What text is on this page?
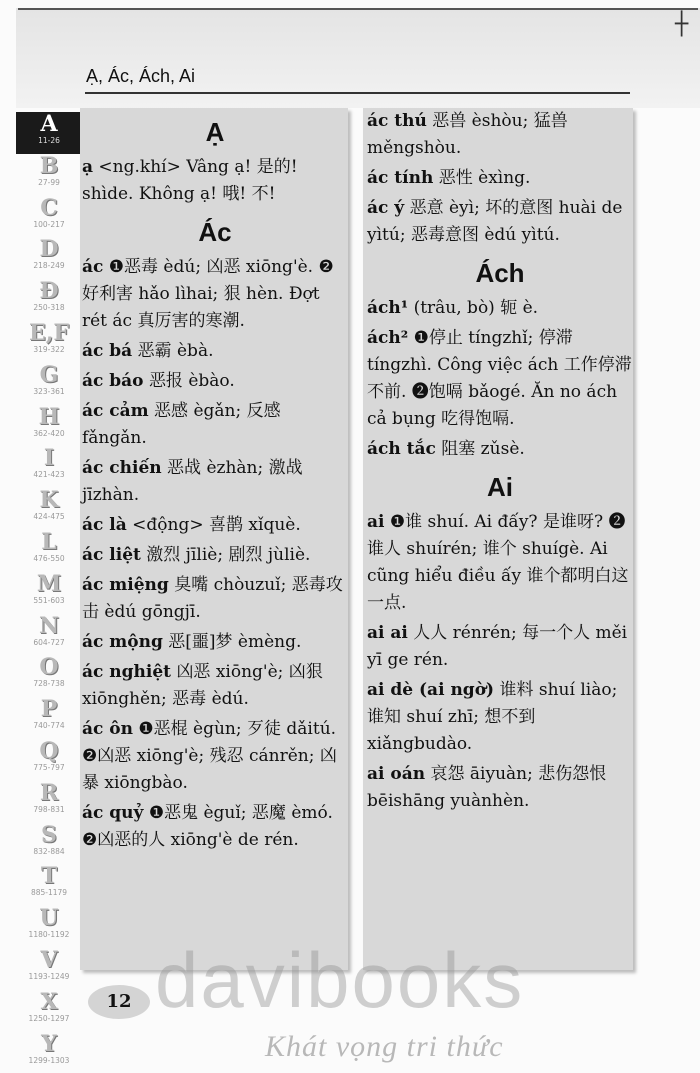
┼
Ạ, Ác, Ách, Ai
A
11-26
B
27-99
C
100-217
D
218-249
Đ
250-318
E,F
319-322
G
323-361
H
362-420
I
421-423
K
424-475
L
476-550
M
551-603
N
604-727
O
728-738
P
740-774
Q
775-797
R
798-831
S
832-884
T
885-1179
U
1180-1192
V
1193-1249
X
1250-1297
Y
1299-1303
Ạ
ạ <ng.khí> Vâng ạ! 是的! shìde. Không ạ! 哦! 不!
Ác
ác ❶恶毒 èdú; 凶恶 xiōng'è. ❷好利害 hǎo lìhai; 狠 hèn. Đợt rét ác 真厉害的寒潮.
ác bá 恶霸 èbà.
ác báo 恶报 èbào.
ác cảm 恶感 ègǎn; 反感 fǎngǎn.
ác chiến 恶战 èzhàn; 激战 jīzhàn.
ác là <động> 喜鹊 xǐquè.
ác liệt 激烈 jīliè; 剧烈 jùliè.
ác miệng 臭嘴 chòuzuǐ; 恶毒攻击 èdú gōngjī.
ác mộng 恶[噩]梦 èmèng.
ác nghiệt 凶恶 xiōng'è; 凶狠 xiōnghěn; 恶毒 èdú.
ác ôn ❶恶棍 ègùn; 歹徒 dǎitú. ❷凶恶 xiōng'è; 残忍 cánrěn; 凶暴 xiōngbào.
ác quỷ ❶恶鬼 èguǐ; 恶魔 èmó. ❷凶恶的人 xiōng'è de rén.
ác thú 恶兽 èshòu; 猛兽 měngshòu.
ác tính 恶性 èxìng.
ác ý 恶意 èyì; 坏的意图 huài de yìtú; 恶毒意图 èdú yìtú.
Ách
ách¹ (trâu, bò) 轭 è.
ách² ❶停止 tíngzhǐ; 停滞 tíngzhì. Công việc ách 工作停滞不前. ❷饱嗝 bǎogé. Ăn no ách cả bụng 吃得饱嗝.
ách tắc 阻塞 zǔsè.
Ai
ai ❶谁 shuí. Ai đấy? 是谁呀? ❷谁人 shuírén; 谁个 shuígè. Ai cũng hiểu điều ấy 谁个都明白这一点.
ai ai 人人 rénrén; 每一个人 měi yī ge rén.
ai dè (ai ngờ) 谁料 shuí liào; 谁知 shuí zhī; 想不到 xiǎngbudào.
ai oán 哀怨 āiyuàn; 悲伤怨恨 bēishāng yuànhèn.
12 davibooks
Khát vọng tri thức
